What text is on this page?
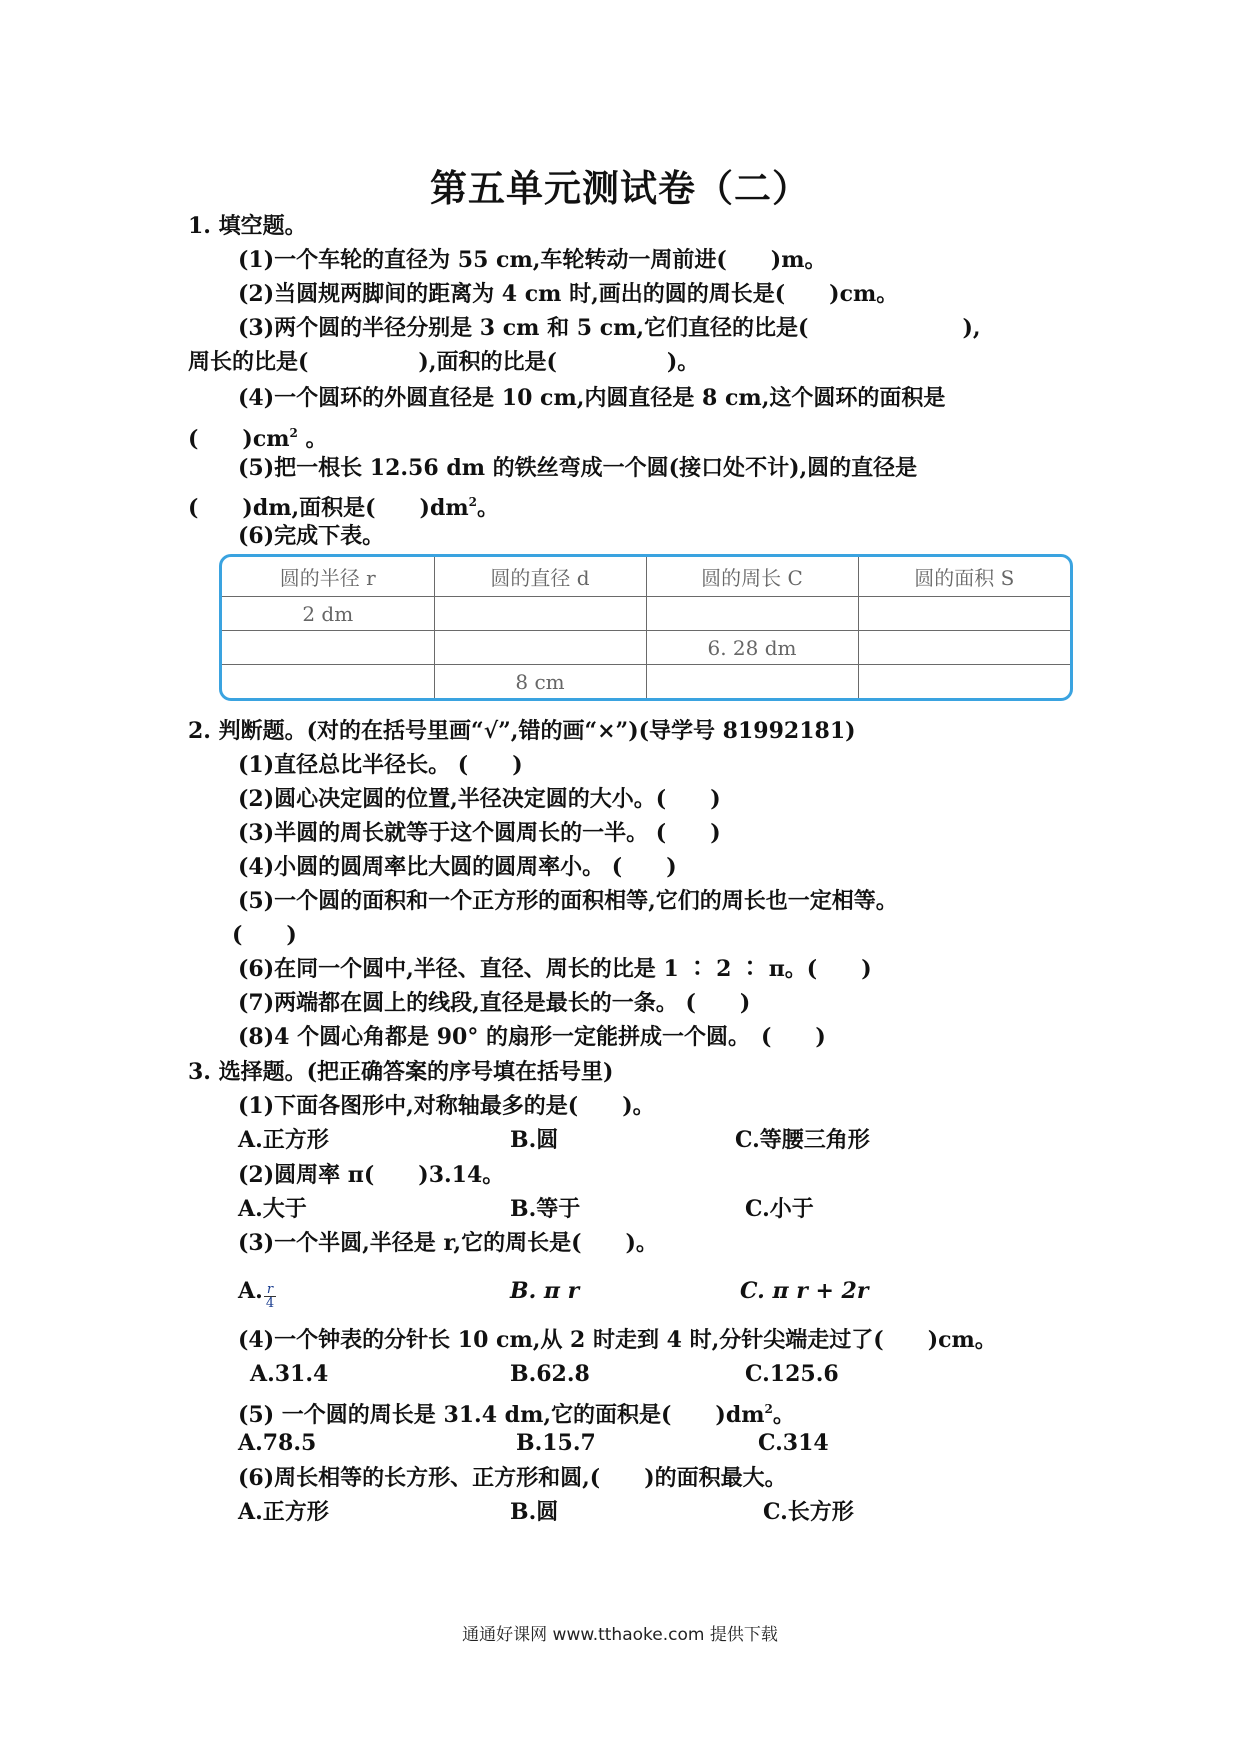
第五单元测试卷（二）
1. 填空题。
(1)一个车轮的直径为 55 cm,车轮转动一周前进(　　)m。
(2)当圆规两脚间的距离为 4 cm 时,画出的圆的周长是(　　)cm。
(3)两个圆的半径分别是 3 cm 和 5 cm,它们直径的比是(　　　　　　　),
周长的比是(　　　　　),面积的比是(　　　　　)。
(4)一个圆环的外圆直径是 10 cm,内圆直径是 8 cm,这个圆环的面积是
(　　)$cm^2$ 。
(5)把一根长 12.56 dm 的铁丝弯成一个圆(接口处不计),圆的直径是
(　　)dm,面积是(　　)$dm^2$。
(6)完成下表。
圆的半径 r	圆的直径 d	圆的周长 C	圆的面积 S
2 dm			
		6. 28 dm	
	8 cm		
2. 判断题。(对的在括号里画“√”,错的画“×”)(导学号 81992181)
(1)直径总比半径长。 (　　)
(2)圆心决定圆的位置,半径决定圆的大小。(　　)
(3)半圆的周长就等于这个圆周长的一半。 (　　)
(4)小圆的圆周率比大圆的圆周率小。 (　　)
(5)一个圆的面积和一个正方形的面积相等,它们的周长也一定相等。
(　　)
(6)在同一个圆中,半径、直径、周长的比是 1 ∶ 2 ∶ π。(　　)
(7)两端都在圆上的线段,直径是最长的一条。 (　　)
(8)4 个圆心角都是 90° 的扇形一定能拼成一个圆。　(　　)
3. 选择题。(把正确答案的序号填在括号里)
(1)下面各图形中,对称轴最多的是(　　)。
A.正方形	B.圆	C.等腰三角形
(2)圆周率 π(　　)3.14。
A.大于	B.等于	C.小于
(3)一个半圆,半径是 r,它的周长是(　　)。
A. $\frac{r}{4}$	B. π r	C. π r + 2r
(4)一个钟表的分针长 10 cm,从 2 时走到 4 时,分针尖端走过了(　　)cm。
A.31.4	B.62.8	C.125.6
(5) 一个圆的周长是 31.4 dm,它的面积是(　　)$dm^2$。
A.78.5	B.15.7	C.314
(6)周长相等的长方形、正方形和圆,(　　)的面积最大。
A.正方形	B.圆	C.长方形
通通好课网 www.tthaoke.com 提供下载
